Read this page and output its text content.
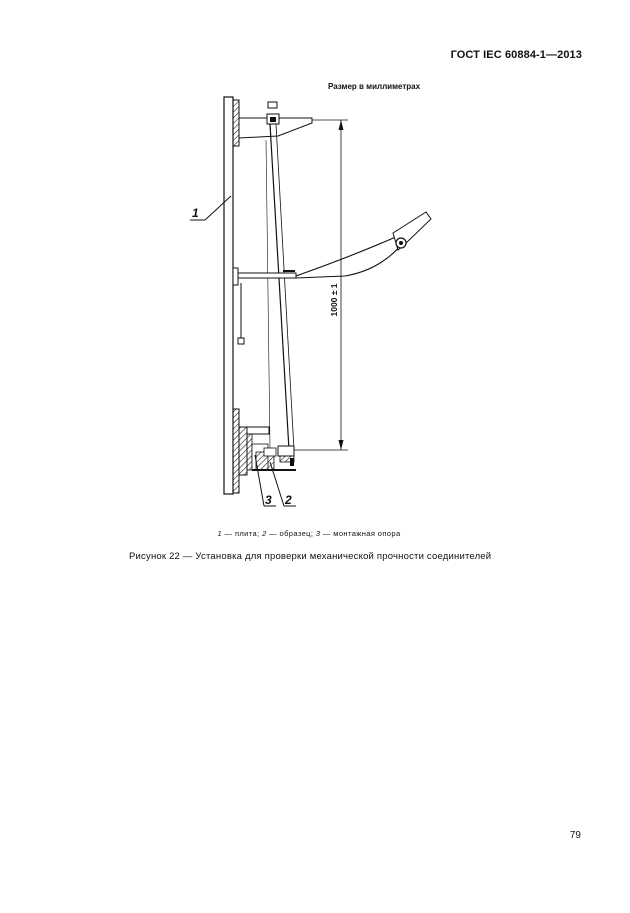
ГОСТ IEC 60884-1—2013
Размер в миллиметрах
1000 ± 1
1
3 2
1 — плита; 2 — образец; 3 — монтажная опора
Рисунок 22 — Установка для проверки механической прочности соединителей
79
